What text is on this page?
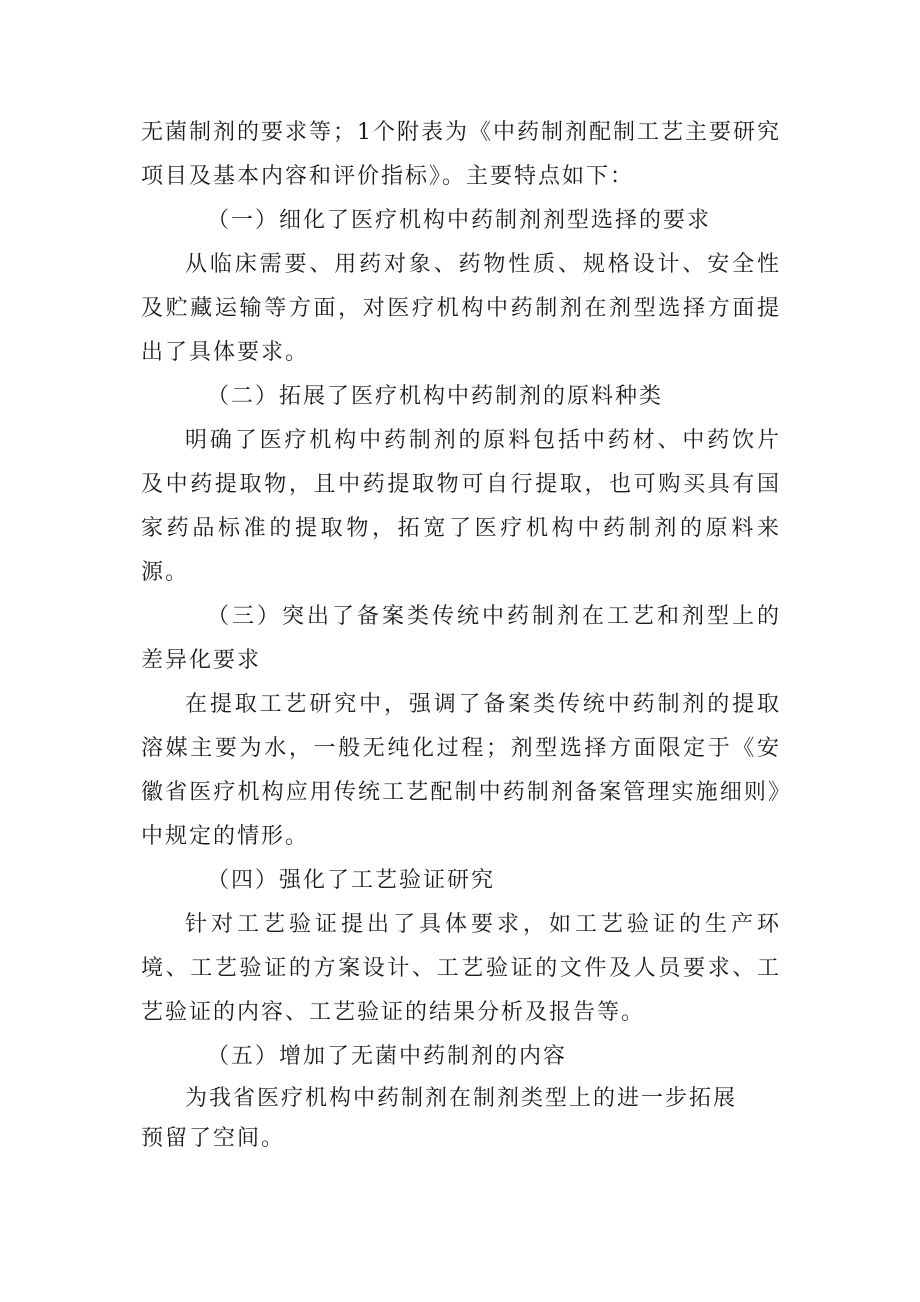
无菌制剂的要求等；1个附表为《中药制剂配制工艺主要研究项目及基本内容和评价指标》。主要特点如下：

（一）细化了医疗机构中药制剂剂型选择的要求

从临床需要、用药对象、药物性质、规格设计、安全性及贮藏运输等方面，对医疗机构中药制剂在剂型选择方面提出了具体要求。

（二）拓展了医疗机构中药制剂的原料种类

明确了医疗机构中药制剂的原料包括中药材、中药饮片及中药提取物，且中药提取物可自行提取，也可购买具有国家药品标准的提取物，拓宽了医疗机构中药制剂的原料来源。

（三）突出了备案类传统中药制剂在工艺和剂型上的差异化要求

在提取工艺研究中，强调了备案类传统中药制剂的提取溶媒主要为水，一般无纯化过程；剂型选择方面限定于《安徽省医疗机构应用传统工艺配制中药制剂备案管理实施细则》中规定的情形。

（四）强化了工艺验证研究

针对工艺验证提出了具体要求，如工艺验证的生产环境、工艺验证的方案设计、工艺验证的文件及人员要求、工艺验证的内容、工艺验证的结果分析及报告等。

（五）增加了无菌中药制剂的内容

为我省医疗机构中药制剂在制剂类型上的进一步拓展

预留了空间。
